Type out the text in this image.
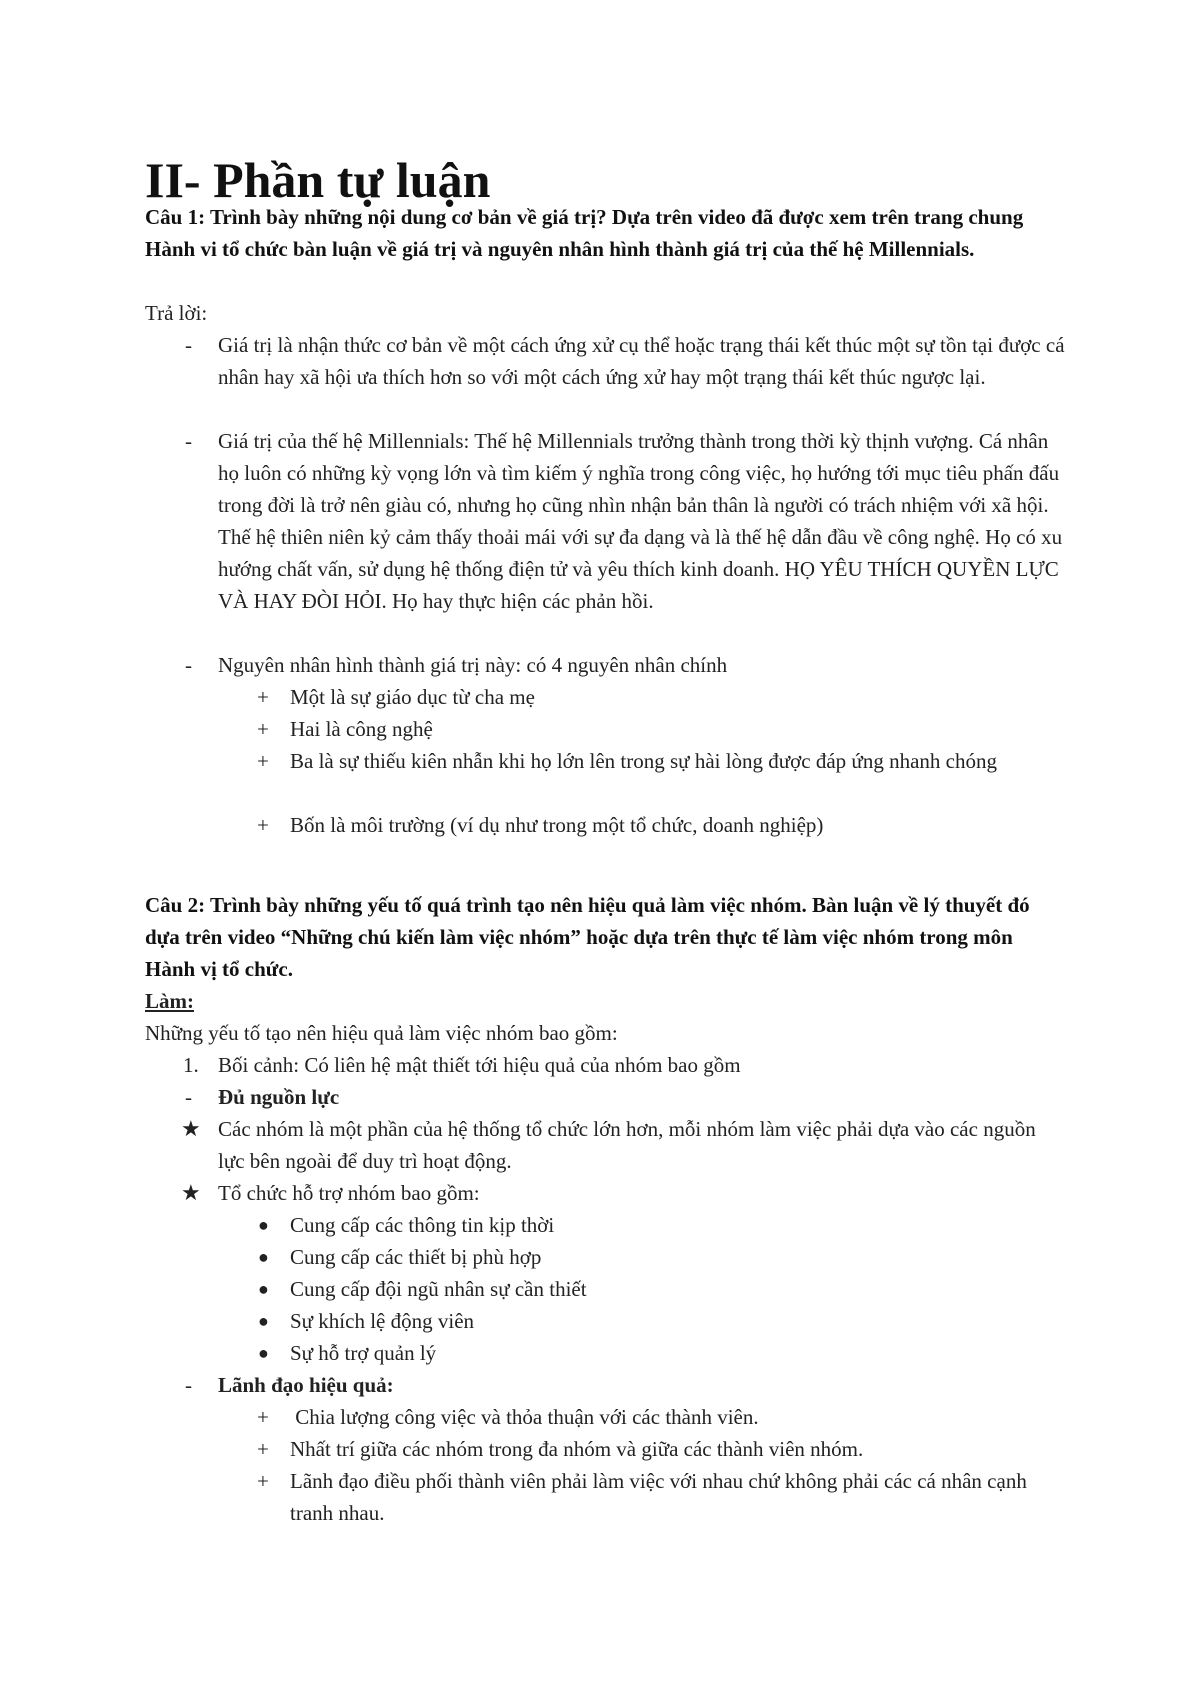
II- Phần tự luận

Câu 1: Trình bày những nội dung cơ bản về giá trị? Dựa trên video đã được xem trên trang chung Hành vi tổ chức bàn luận về giá trị và nguyên nhân hình thành giá trị của thế hệ Millennials.

Trả lời:

-	Giá trị là nhận thức cơ bản về một cách ứng xử cụ thể hoặc trạng thái kết thúc một sự tồn tại được cá nhân hay xã hội ưa thích hơn so với một cách ứng xử hay một trạng thái kết thúc ngược lại.
-	Giá trị của thế hệ Millennials: Thế hệ Millennials trưởng thành trong thời kỳ thịnh vượng. Cá nhân họ luôn có những kỳ vọng lớn và tìm kiếm ý nghĩa trong công việc, họ hướng tới mục tiêu phấn đấu trong đời là trở nên giàu có, nhưng họ cũng nhìn nhận bản thân là người có trách nhiệm với xã hội. Thế hệ thiên niên kỷ cảm thấy thoải mái với sự đa dạng và là thế hệ dẫn đầu về công nghệ. Họ có xu hướng chất vấn, sử dụng hệ thống điện tử và yêu thích kinh doanh. HỌ YÊU THÍCH QUYỀN LỰC VÀ HAY ĐÒI HỎI. Họ hay thực hiện các phản hồi.
-	Nguyên nhân hình thành giá trị này: có 4 nguyên nhân chính
+	Một là sự giáo dục từ cha mẹ
+	Hai là công nghệ
+	Ba là sự thiếu kiên nhẫn khi họ lớn lên trong sự hài lòng được đáp ứng nhanh chóng
+	Bốn là môi trường (ví dụ như trong một tổ chức, doanh nghiệp)

Câu 2: Trình bày những yếu tố quá trình tạo nên hiệu quả làm việc nhóm. Bàn luận về lý thuyết đó dựa trên video “Những chú kiến làm việc nhóm” hoặc dựa trên thực tế làm việc nhóm trong môn Hành vị tổ chức.

Làm:

Những yếu tố tạo nên hiệu quả làm việc nhóm bao gồm:

1. Bối cảnh: Có liên hệ mật thiết tới hiệu quả của nhóm bao gồm
-	Đủ nguồn lực
★ Các nhóm là một phần của hệ thống tổ chức lớn hơn, mỗi nhóm làm việc phải dựa vào các nguồn lực bên ngoài để duy trì hoạt động.
★ Tổ chức hỗ trợ nhóm bao gồm:
●	Cung cấp các thông tin kịp thời
●	Cung cấp các thiết bị phù hợp
●	Cung cấp đội ngũ nhân sự cần thiết
●	Sự khích lệ động viên
●	Sự hỗ trợ quản lý
-	Lãnh đạo hiệu quả:
+	Chia lượng công việc và thỏa thuận với các thành viên.
+	Nhất trí giữa các nhóm trong đa nhóm và giữa các thành viên nhóm.
+	Lãnh đạo điều phối thành viên phải làm việc với nhau chứ không phải các cá nhân cạnh tranh nhau.
